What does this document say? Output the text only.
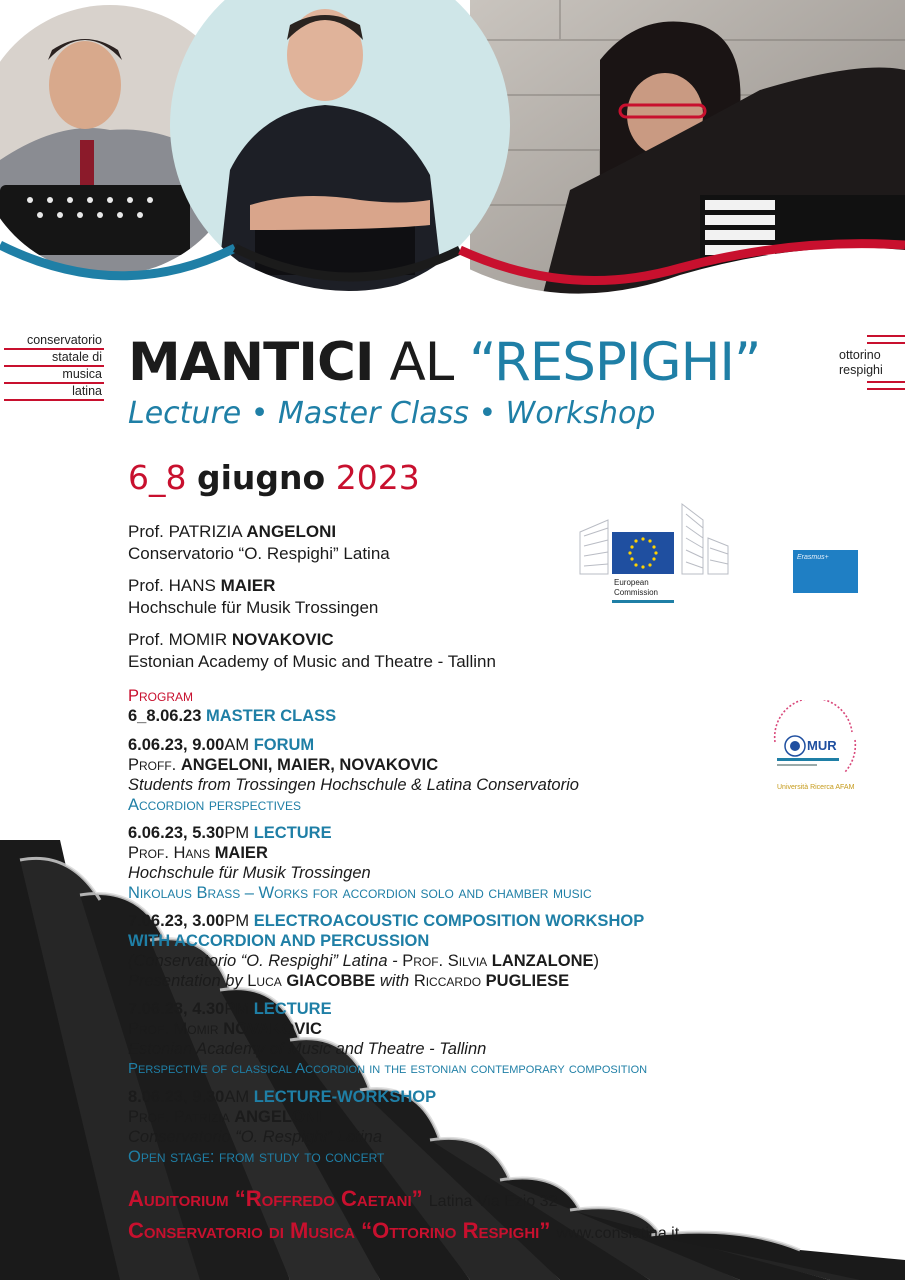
conservatorio
statale di
musica
latina
ottorino
respighi
MANTICI AL “RESPIGHI”
Lecture • Master Class • Workshop
6_8 giugno 2023
Prof. PATRIZIA ANGELONI
Conservatorio “O. Respighi” Latina
Prof. HANS MAIER
Hochschule für Musik Trossingen
Prof. MOMIR NOVAKOVIC
Estonian Academy of Music and Theatre - Tallinn
European
Commission
Erasmus+
MUR
Università Ricerca AFAM
Program
6_8.06.23 MASTER CLASS
6.06.23, 9.00AM FORUM
Proff. ANGELONI, MAIER, NOVAKOVIC
Students from Trossingen Hochschule & Latina Conservatorio
Accordion perspectives
6.06.23, 5.30PM LECTURE
Prof. Hans MAIER
Hochschule für Musik Trossingen
Nikolaus Brass – Works for accordion solo and chamber music
7.06.23, 3.00PM ELECTROACOUSTIC COMPOSITION WORKSHOP
WITH ACCORDION AND PERCUSSION
(Conservatorio “O. Respighi” Latina - Prof. Silvia LANZALONE)
Presentation by Luca GIACOBBE with Riccardo PUGLIESE
7.06.23, 4.30PM LECTURE
Prof. Momir NOVAKOVIC
Estonian Academy of Music and Theatre - Tallinn
Perspective of classical Accordion in the estonian contemporary composition
8.06.23, 9.30AM LECTURE-WORKSHOP
Prof. Patrizia ANGELONI
Conservatorio “O. Respighi” Latina
Open stage: from study to concert
Auditorium “Roffredo Caetani” Latina Via Ezio 32
Conservatorio di Musica “Ottorino Respighi” www.conslatina.it
